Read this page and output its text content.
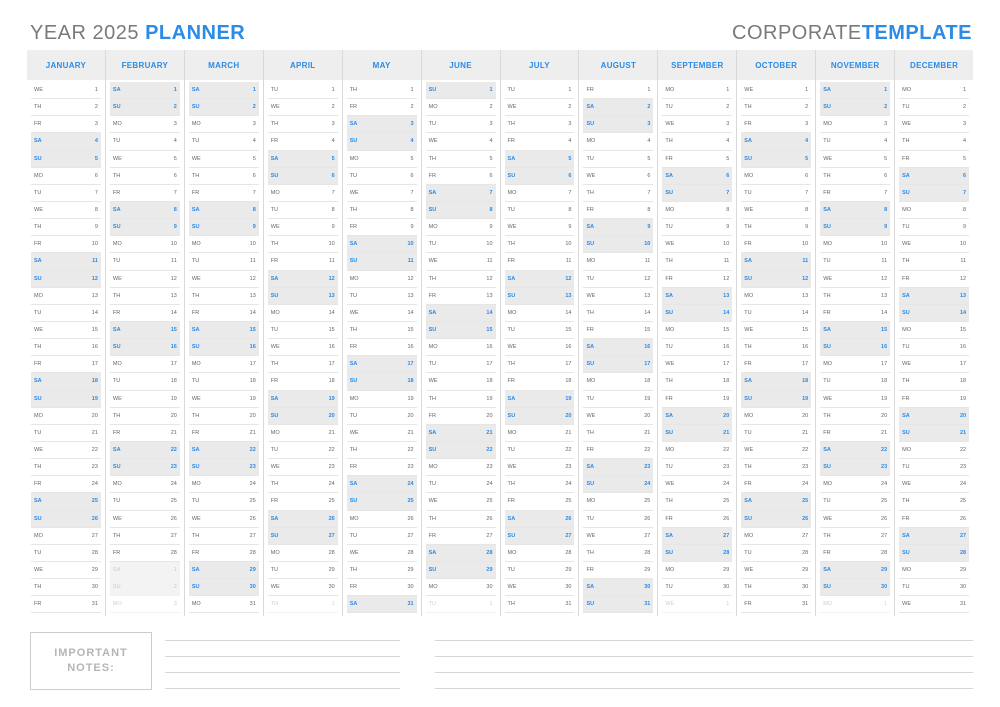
YEAR 2025 PLANNER	CORPORATETEMPLATE
JANUARY
WE	1
TH	2
FR	3
SA	4
SU	5
MO	6
TU	7
WE	8
TH	9
FR	10
SA	11
SU	12
MO	13
TU	14
WE	15
TH	16
FR	17
SA	18
SU	19
MO	20
TU	21
WE	22
TH	23
FR	24
SA	25
SU	26
MO	27
TU	28
WE	29
TH	30
FR	31
FEBRUARY
SA	1
SU	2
MO	3
TU	4
WE	5
TH	6
FR	7
SA	8
SU	9
MO	10
TU	11
WE	12
TH	13
FR	14
SA	15
SU	16
MO	17
TU	18
WE	19
TH	20
FR	21
SA	22
SU	23
MO	24
TU	25
WE	26
TH	27
FR	28
SA	1
SU	2
MO	3
MARCH
SA	1
SU	2
MO	3
TU	4
WE	5
TH	6
FR	7
SA	8
SU	9
MO	10
TU	11
WE	12
TH	13
FR	14
SA	15
SU	16
MO	17
TU	18
WE	19
TH	20
FR	21
SA	22
SU	23
MO	24
TU	25
WE	26
TH	27
FR	28
SA	29
SU	30
MO	31
APRIL
TU	1
WE	2
TH	3
FR	4
SA	5
SU	6
MO	7
TU	8
WE	9
TH	10
FR	11
SA	12
SU	13
MO	14
TU	15
WE	16
TH	17
FR	18
SA	19
SU	20
MO	21
TU	22
WE	23
TH	24
FR	25
SA	26
SU	27
MO	28
TU	29
WE	30
TH	1
MAY
TH	1
FR	2
SA	3
SU	4
MO	5
TU	6
WE	7
TH	8
FR	9
SA	10
SU	11
MO	12
TU	13
WE	14
TH	15
FR	16
SA	17
SU	18
MO	19
TU	20
WE	21
TH	22
FR	23
SA	24
SU	25
MO	26
TU	27
WE	28
TH	29
FR	30
SA	31
JUNE
SU	1
MO	2
TU	3
WE	4
TH	5
FR	6
SA	7
SU	8
MO	9
TU	10
WE	11
TH	12
FR	13
SA	14
SU	15
MO	16
TU	17
WE	18
TH	19
FR	20
SA	21
SU	22
MO	23
TU	24
WE	25
TH	26
FR	27
SA	28
SU	29
MO	30
TU	1
JULY
TU	1
WE	2
TH	3
FR	4
SA	5
SU	6
MO	7
TU	8
WE	9
TH	10
FR	11
SA	12
SU	13
MO	14
TU	15
WE	16
TH	17
FR	18
SA	19
SU	20
MO	21
TU	22
WE	23
TH	24
FR	25
SA	26
SU	27
MO	28
TU	29
WE	30
TH	31
AUGUST
FR	1
SA	2
SU	3
MO	4
TU	5
WE	6
TH	7
FR	8
SA	9
SU	10
MO	11
TU	12
WE	13
TH	14
FR	15
SA	16
SU	17
MO	18
TU	19
WE	20
TH	21
FR	22
SA	23
SU	24
MO	25
TU	26
WE	27
TH	28
FR	29
SA	30
SU	31
SEPTEMBER
MO	1
TU	2
WE	3
TH	4
FR	5
SA	6
SU	7
MO	8
TU	9
WE	10
TH	11
FR	12
SA	13
SU	14
MO	15
TU	16
WE	17
TH	18
FR	19
SA	20
SU	21
MO	22
TU	23
WE	24
TH	25
FR	26
SA	27
SU	28
MO	29
TU	30
WE	1
OCTOBER
WE	1
TH	2
FR	3
SA	4
SU	5
MO	6
TU	7
WE	8
TH	9
FR	10
SA	11
SU	12
MO	13
TU	14
WE	15
TH	16
FR	17
SA	18
SU	19
MO	20
TU	21
WE	22
TH	23
FR	24
SA	25
SU	26
MO	27
TU	28
WE	29
TH	30
FR	31
NOVEMBER
SA	1
SU	2
MO	3
TU	4
WE	5
TH	6
FR	7
SA	8
SU	9
MO	10
TU	11
WE	12
TH	13
FR	14
SA	15
SU	16
MO	17
TU	18
WE	19
TH	20
FR	21
SA	22
SU	23
MO	24
TU	25
WE	26
TH	27
FR	28
SA	29
SU	30
MO	1
DECEMBER
MO	1
TU	2
WE	3
TH	4
FR	5
SA	6
SU	7
MO	8
TU	9
WE	10
TH	11
FR	12
SA	13
SU	14
MO	15
TU	16
WE	17
TH	18
FR	19
SA	20
SU	21
MO	22
TU	23
WE	24
TH	25
FR	26
SA	27
SU	28
MO	29
TU	30
WE	31
IMPORTANT
NOTES:
